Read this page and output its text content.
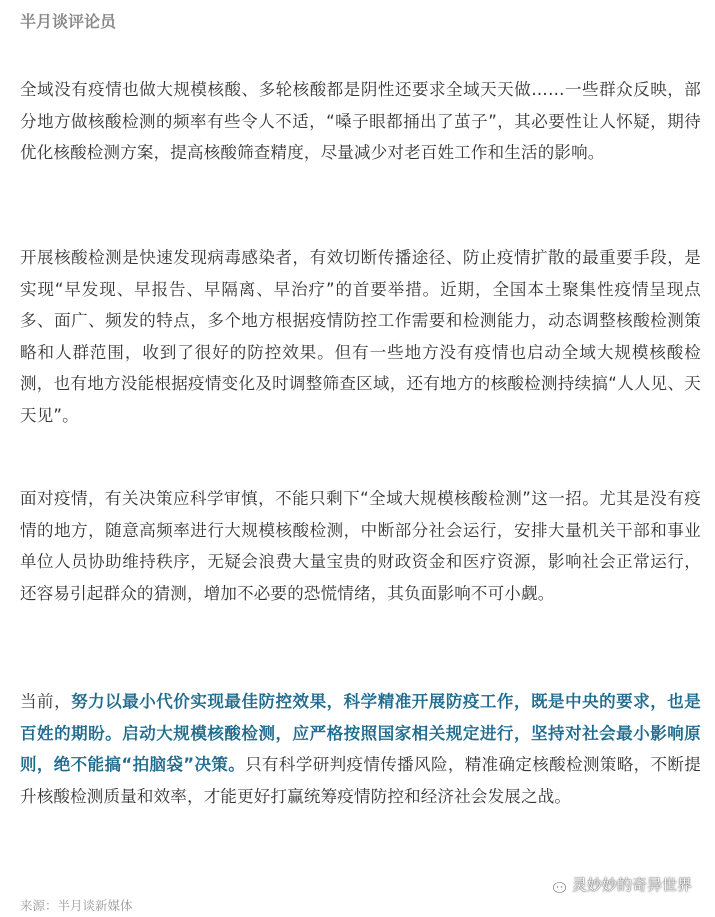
半月谈评论员

全域没有疫情也做大规模核酸、多轮核酸都是阴性还要求全域天天做……一些群众反映，部分地方做核酸检测的频率有些令人不适，“嗓子眼都捅出了茧子”，其必要性让人怀疑，期待优化核酸检测方案，提高核酸筛查精度，尽量减少对老百姓工作和生活的影响。

开展核酸检测是快速发现病毒感染者，有效切断传播途径、防止疫情扩散的最重要手段，是实现“早发现、早报告、早隔离、早治疗”的首要举措。近期，全国本土聚集性疫情呈现点多、面广、频发的特点，多个地方根据疫情防控工作需要和检测能力，动态调整核酸检测策略和人群范围，收到了很好的防控效果。但有一些地方没有疫情也启动全域大规模核酸检测，也有地方没能根据疫情变化及时调整筛查区域，还有地方的核酸检测持续搞“人人见、天天见”。

面对疫情，有关决策应科学审慎，不能只剩下“全域大规模核酸检测”这一招。尤其是没有疫情的地方，随意高频率进行大规模核酸检测，中断部分社会运行，安排大量机关干部和事业单位人员协助维持秩序，无疑会浪费大量宝贵的财政资金和医疗资源，影响社会正常运行，还容易引起群众的猜测，增加不必要的恐慌情绪，其负面影响不可小觑。

当前，努力以最小代价实现最佳防控效果，科学精准开展防疫工作，既是中央的要求，也是百姓的期盼。启动大规模核酸检测，应严格按照国家相关规定进行，坚持对社会最小影响原则，绝不能搞“拍脑袋”决策。只有科学研判疫情传播风险，精准确定核酸检测策略，不断提升核酸检测质量和效率，才能更好打赢统筹疫情防控和经济社会发展之战。

来源：半月谈新媒体
灵妙妙的奇异世界
